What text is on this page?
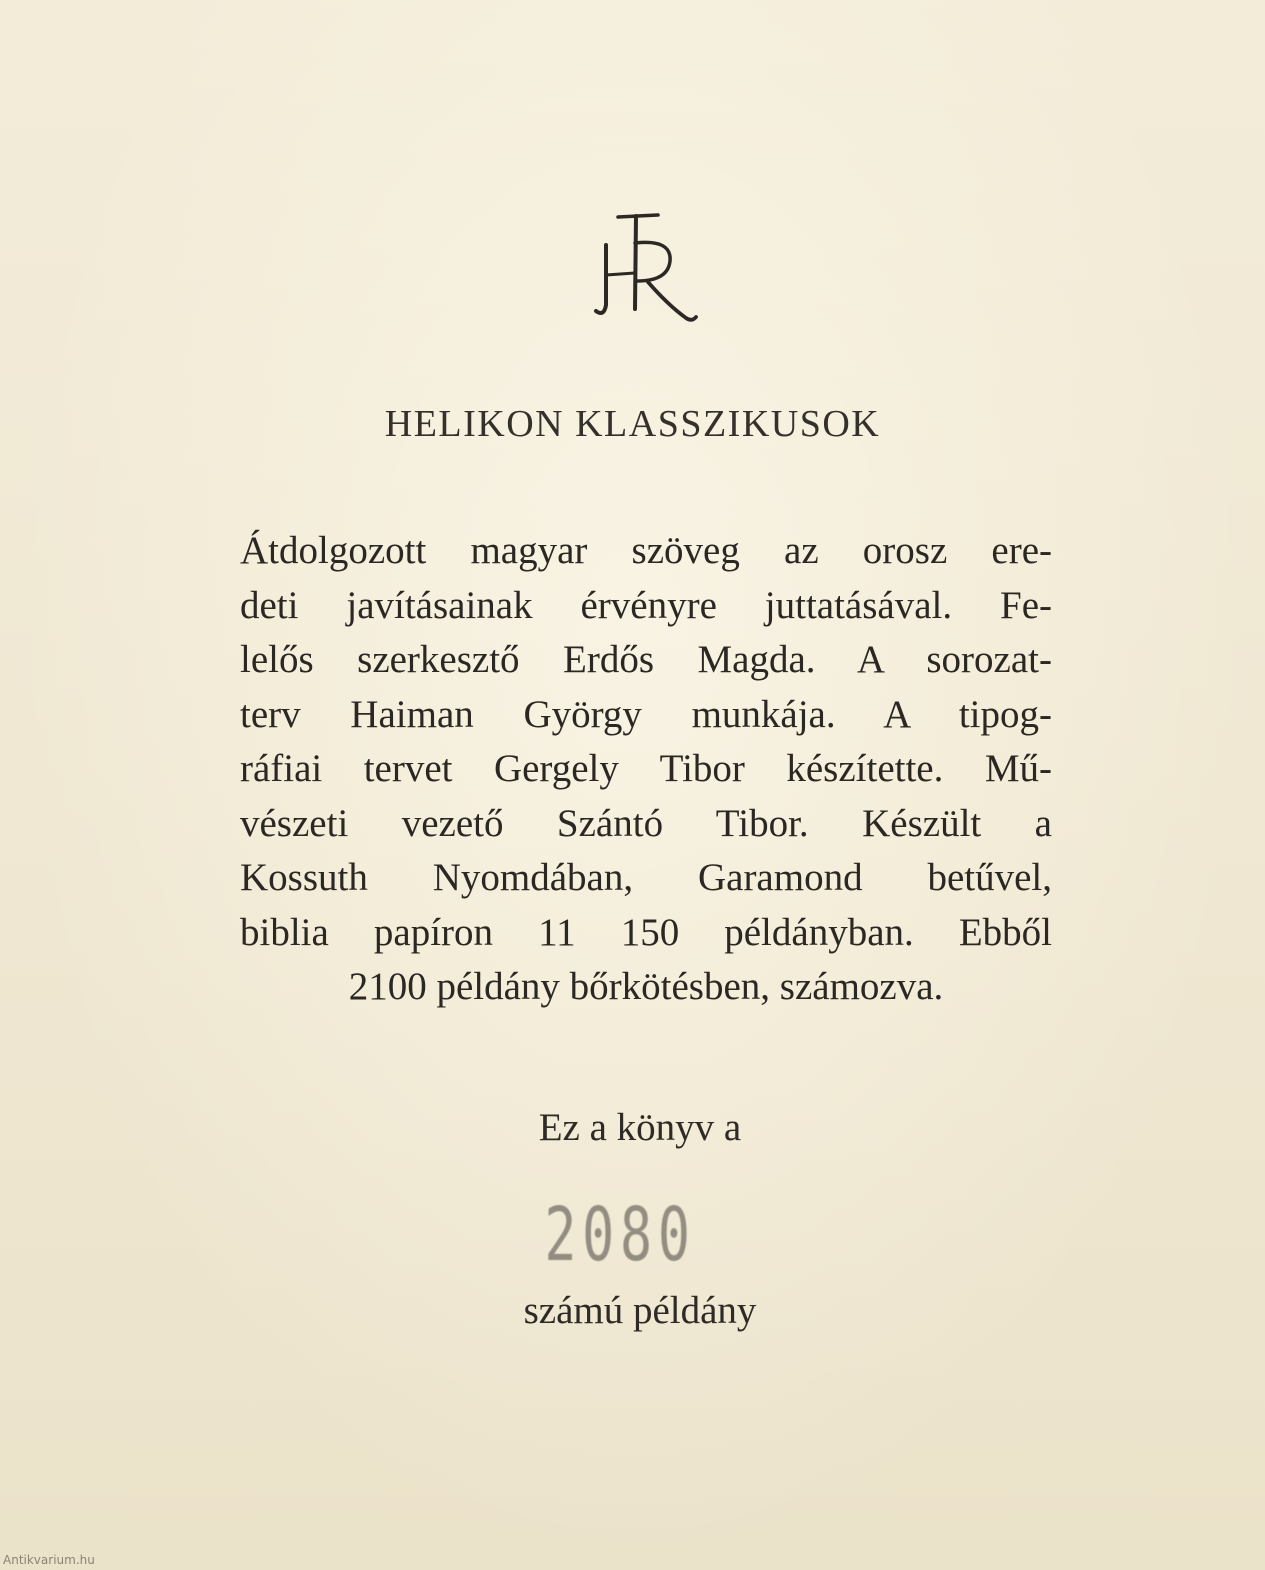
HELIKON KLASSZIKUSOK
Átdolgozott magyar szöveg az orosz ere-
deti javításainak érvényre juttatásával. Fe-
lelős szerkesztő Erdős Magda. A sorozat-
terv Haiman György munkája. A tipog-
ráfiai tervet Gergely Tibor készítette. Mű-
vészeti vezető Szántó Tibor. Készült a
Kossuth Nyomdában, Garamond betűvel,
biblia papíron 11 150 példányban. Ebből
2100 példány bőrkötésben, számozva.
Ez a könyv a
2080
számú példány
Antikvarium.hu
